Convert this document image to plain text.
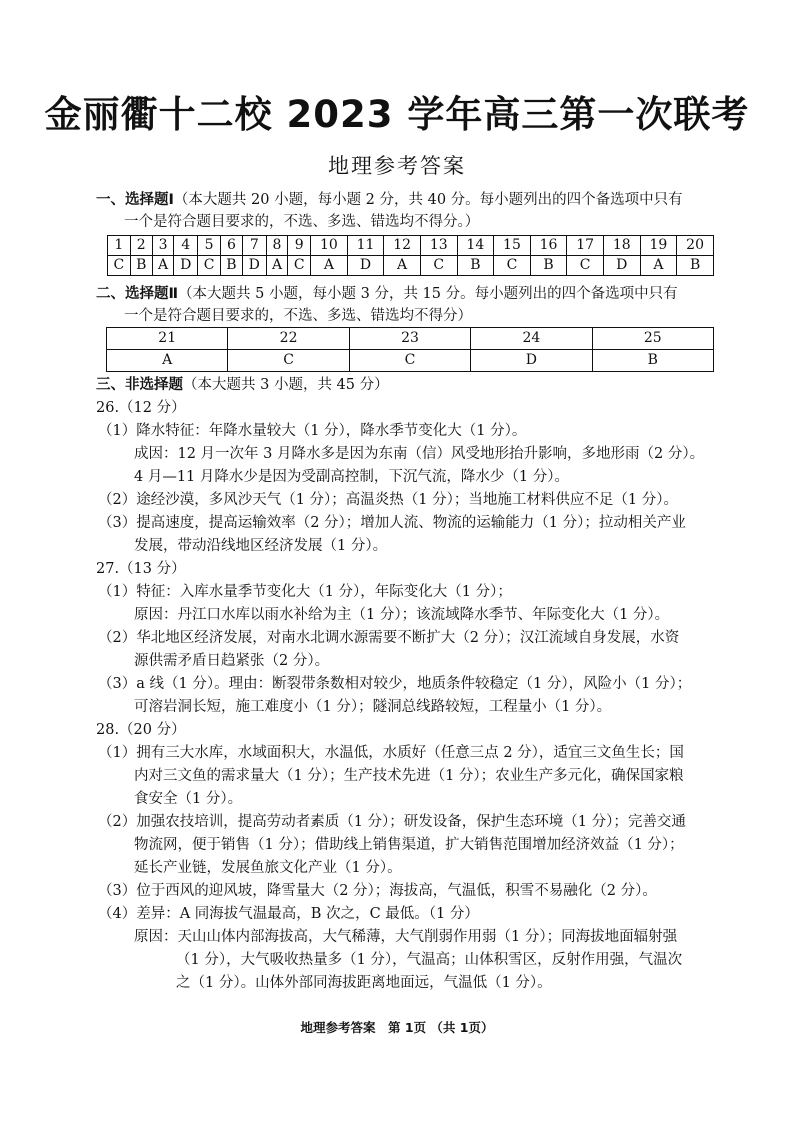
金丽衢十二校 2023 学年高三第一次联考
地理参考答案
一、选择题Ⅰ（本大题共 20 小题，每小题 2 分，共 40 分。每小题列出的四个备选项中只有
一个是符合题目要求的，不选、多选、错选均不得分。）
1	2	3	4	5	6	7	8	9	10	11	12	13	14	15	16	17	18	19	20
C	B	A	D	C	B	D	A	C	A	D	A	C	B	C	B	C	D	A	B
二、选择题Ⅱ（本大题共 5 小题，每小题 3 分，共 15 分。每小题列出的四个备选项中只有
一个是符合题目要求的，不选、多选、错选均不得分）
21	22	23	24	25
A	C	C	D	B
三、非选择题（本大题共 3 小题，共 45 分）
26.（12 分）
（1）降水特征：年降水量较大（1 分），降水季节变化大（1 分）。
成因：12 月一次年 3 月降水多是因为东南（信）风受地形抬升影响，多地形雨（2 分）。
4 月—11 月降水少是因为受副高控制，下沉气流，降水少（1 分）。
（2）途经沙漠，多风沙天气（1 分）；高温炎热（1 分）；当地施工材料供应不足（1 分）。
（3）提高速度，提高运输效率（2 分）；增加人流、物流的运输能力（1 分）；拉动相关产业
发展，带动沿线地区经济发展（1 分）。
27.（13 分）
（1）特征：入库水量季节变化大（1 分），年际变化大（1 分）；
原因：丹江口水库以雨水补给为主（1 分）；该流域降水季节、年际变化大（1 分）。
（2）华北地区经济发展，对南水北调水源需要不断扩大（2 分）；汉江流域自身发展，水资
源供需矛盾日趋紧张（2 分）。
（3）a 线（1 分）。理由：断裂带条数相对较少，地质条件较稳定（1 分），风险小（1 分）；
可溶岩洞长短，施工难度小（1 分）；隧洞总线路较短，工程量小（1 分）。
28.（20 分）
（1）拥有三大水库，水域面积大，水温低，水质好（任意三点 2 分），适宜三文鱼生长；国
内对三文鱼的需求量大（1 分）；生产技术先进（1 分）；农业生产多元化，确保国家粮
食安全（1 分）。
（2）加强农技培训，提高劳动者素质（1 分）；研发设备，保护生态环境（1 分）；完善交通
物流网，便于销售（1 分）；借助线上销售渠道，扩大销售范围增加经济效益（1 分）；
延长产业链，发展鱼旅文化产业（1 分）。
（3）位于西风的迎风坡，降雪量大（2 分）；海拔高，气温低，积雪不易融化（2 分）。
（4）差异：A 同海拔气温最高，B 次之，C 最低。（1 分）
原因：天山山体内部海拔高，大气稀薄，大气削弱作用弱（1 分）；同海拔地面辐射强
（1 分），大气吸收热量多（1 分），气温高；山体积雪区，反射作用强，气温次
之（1 分）。山体外部同海拔距离地面远，气温低（1 分）。
地理参考答案　第 1页 （共 1页）
